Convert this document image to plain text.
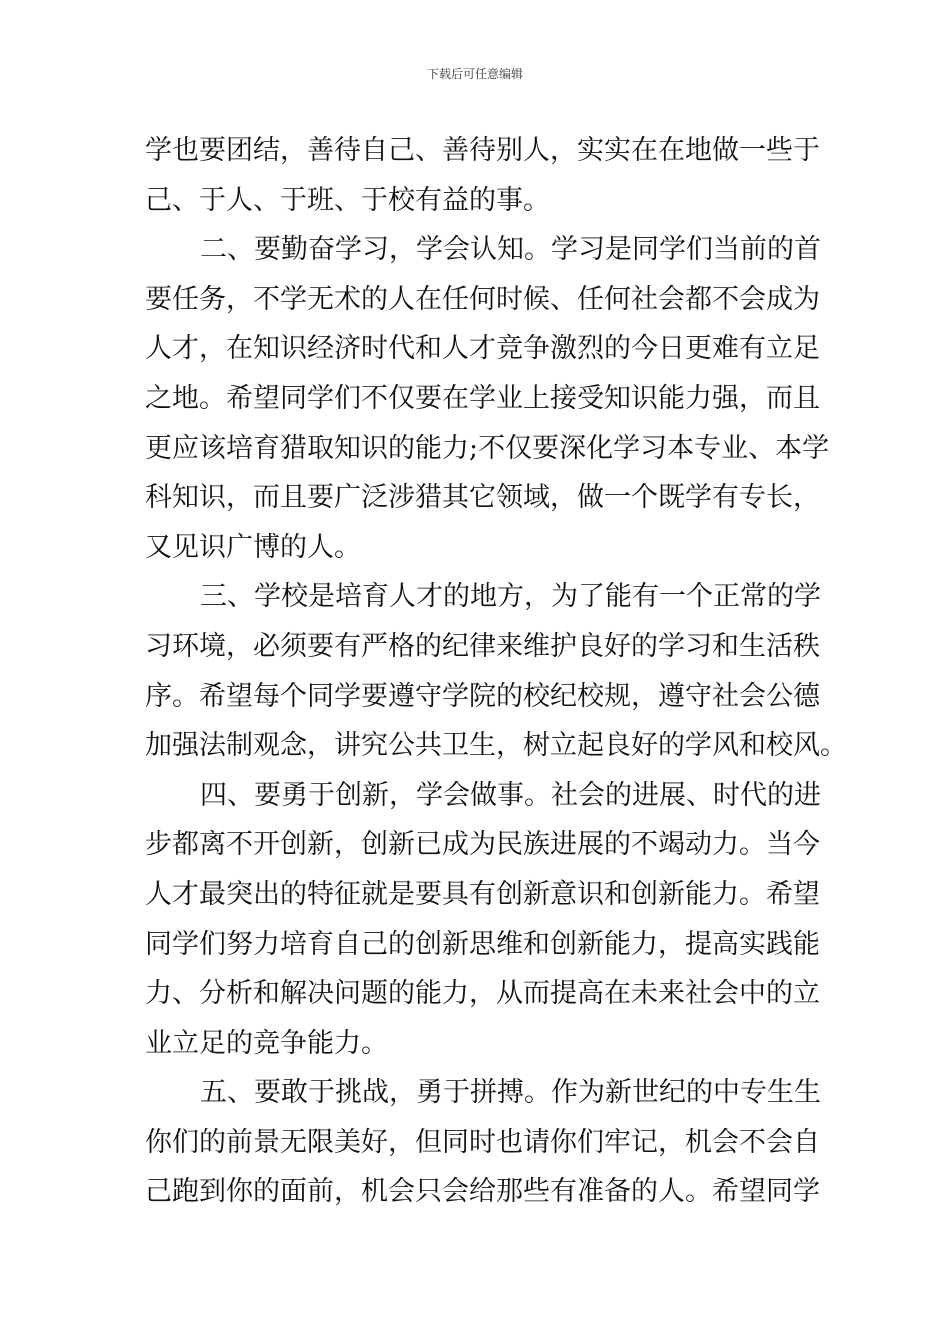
下载后可任意编辑
学也要团结，善待自己、善待别人，实实在在地做一些于
己、于人、于班、于校有益的事。
二、要勤奋学习，学会认知。学习是同学们当前的首
要任务，不学无术的人在任何时候、任何社会都不会成为
人才，在知识经济时代和人才竞争激烈的今日更难有立足
之地。希望同学们不仅要在学业上接受知识能力强，而且
更应该培育猎取知识的能力;不仅要深化学习本专业、本学
科知识，而且要广泛涉猎其它领域，做一个既学有专长，
又见识广博的人。
三、学校是培育人才的地方，为了能有一个正常的学
习环境，必须要有严格的纪律来维护良好的学习和生活秩
序。希望每个同学要遵守学院的校纪校规，遵守社会公德
加强法制观念，讲究公共卫生，树立起良好的学风和校风。
四、要勇于创新，学会做事。社会的进展、时代的进
步都离不开创新，创新已成为民族进展的不竭动力。当今
人才最突出的特征就是要具有创新意识和创新能力。希望
同学们努力培育自己的创新思维和创新能力，提高实践能
力、分析和解决问题的能力，从而提高在未来社会中的立
业立足的竞争能力。
五、要敢于挑战，勇于拼搏。作为新世纪的中专生生
你们的前景无限美好，但同时也请你们牢记，机会不会自
己跑到你的面前，机会只会给那些有准备的人。希望同学
